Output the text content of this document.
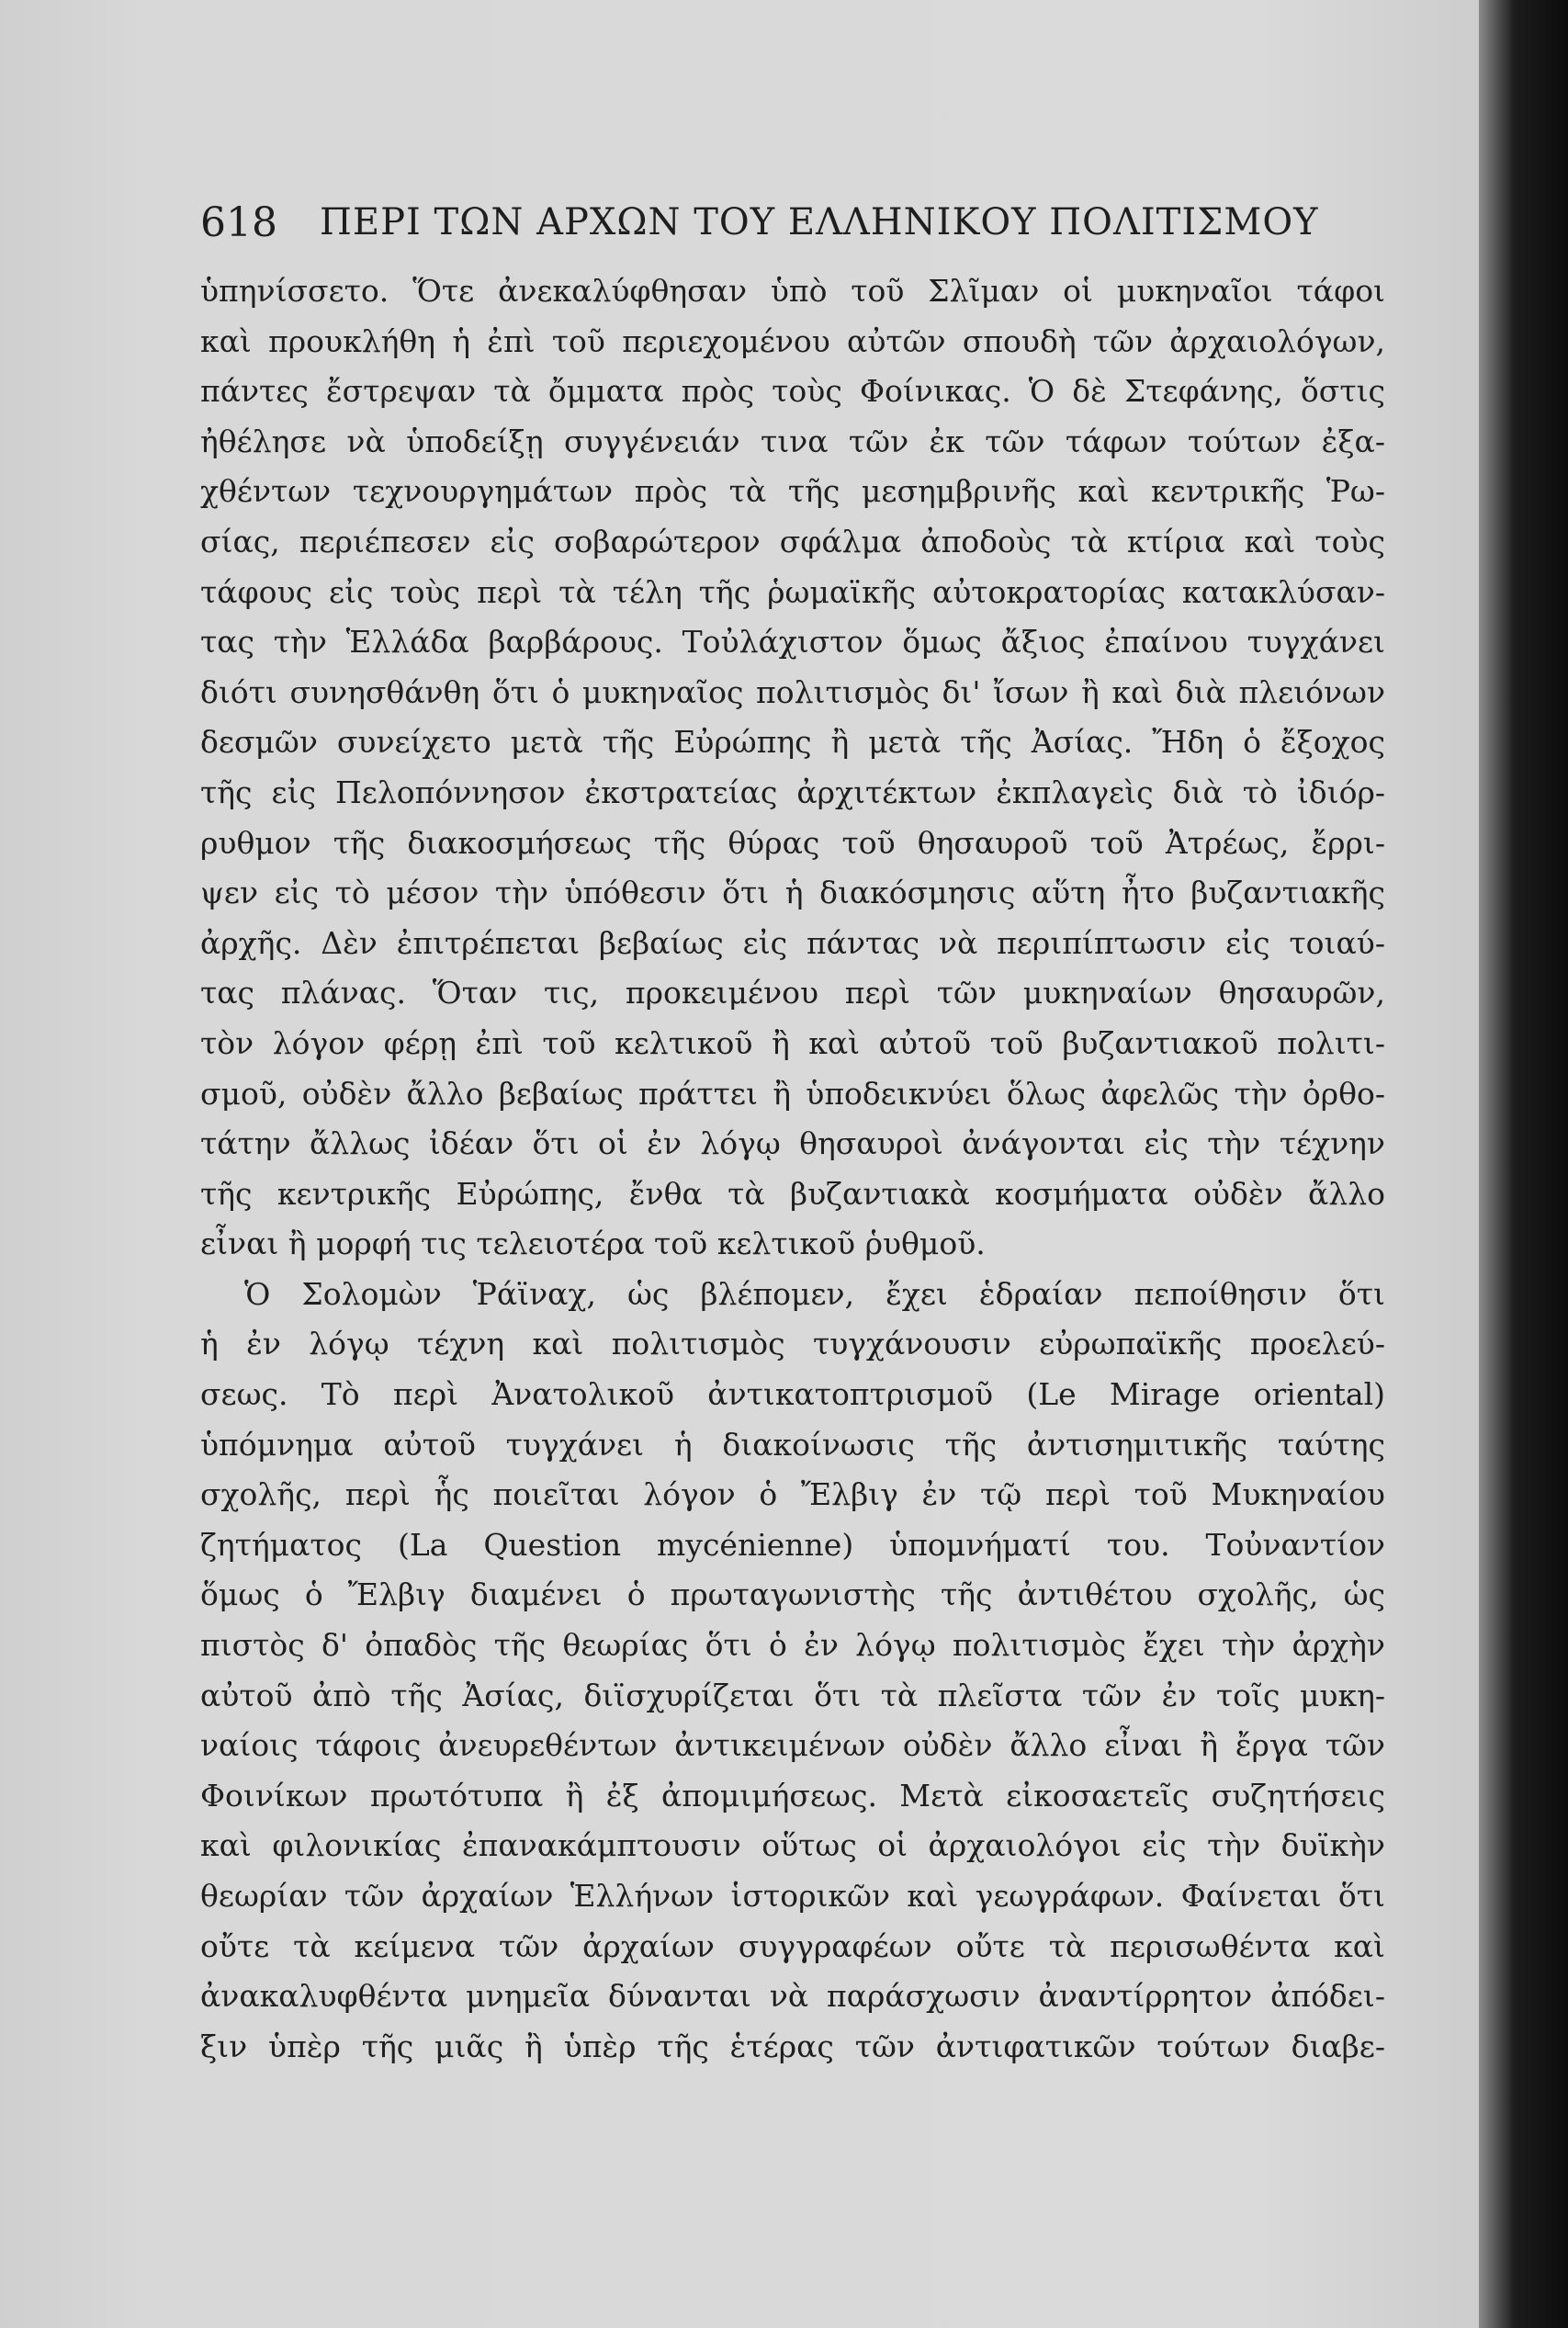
618	ΠΕΡΙ ΤΩΝ ΑΡΧΩΝ ΤΟΥ ΕΛΛΗΝΙΚΟΥ ΠΟΛΙΤΙΣΜΟΥ
ὑπηνίσσετο. Ὅτε ἀνεκαλύφθησαν ὑπὸ τοῦ Σλῖμαν οἱ μυκηναῖοι τάφοι
καὶ προυκλήθη ἡ ἐπὶ τοῦ περιεχομένου αὐτῶν σπουδὴ τῶν ἀρχαιολόγων,
πάντες ἔστρεψαν τὰ ὄμματα πρὸς τοὺς Φοίνικας. Ὁ δὲ Στεφάνης, ὅστις
ἠθέλησε νὰ ὑποδείξῃ συγγένειάν τινα τῶν ἐκ τῶν τάφων τούτων ἐξα-
χθέντων τεχνουργημάτων πρὸς τὰ τῆς μεσημβρινῆς καὶ κεντρικῆς Ῥω-
σίας, περιέπεσεν εἰς σοβαρώτερον σφάλμα ἀποδοὺς τὰ κτίρια καὶ τοὺς
τάφους εἰς τοὺς περὶ τὰ τέλη τῆς ῥωμαϊκῆς αὐτοκρατορίας κατακλύσαν-
τας τὴν Ἑλλάδα βαρβάρους. Τοὐλάχιστον ὅμως ἄξιος ἐπαίνου τυγχάνει
διότι συνησθάνθη ὅτι ὁ μυκηναῖος πολιτισμὸς δι' ἴσων ἢ καὶ διὰ πλειόνων
δεσμῶν συνείχετο μετὰ τῆς Εὐρώπης ἢ μετὰ τῆς Ἀσίας. Ἤδη ὁ ἔξοχος
τῆς εἰς Πελοπόννησον ἐκστρατείας ἀρχιτέκτων ἐκπλαγεὶς διὰ τὸ ἰδιόρ-
ρυθμον τῆς διακοσμήσεως τῆς θύρας τοῦ θησαυροῦ τοῦ Ἀτρέως, ἔρρι-
ψεν εἰς τὸ μέσον τὴν ὑπόθεσιν ὅτι ἡ διακόσμησις αὕτη ἦτο βυζαντιακῆς
ἀρχῆς. Δὲν ἐπιτρέπεται βεβαίως εἰς πάντας νὰ περιπίπτωσιν εἰς τοιαύ-
τας πλάνας. Ὅταν τις, προκειμένου περὶ τῶν μυκηναίων θησαυρῶν,
τὸν λόγον φέρῃ ἐπὶ τοῦ κελτικοῦ ἢ καὶ αὐτοῦ τοῦ βυζαντιακοῦ πολιτι-
σμοῦ, οὐδὲν ἄλλο βεβαίως πράττει ἢ ὑποδεικνύει ὅλως ἀφελῶς τὴν ὀρθο-
τάτην ἄλλως ἰδέαν ὅτι οἱ ἐν λόγῳ θησαυροὶ ἀνάγονται εἰς τὴν τέχνην
τῆς κεντρικῆς Εὐρώπης, ἔνθα τὰ βυζαντιακὰ κοσμήματα οὐδὲν ἄλλο
εἶναι ἢ μορφή τις τελειοτέρα τοῦ κελτικοῦ ῥυθμοῦ.
Ὁ Σολομὼν Ῥάϊναχ, ὡς βλέπομεν, ἔχει ἑδραίαν πεποίθησιν ὅτι
ἡ ἐν λόγῳ τέχνη καὶ πολιτισμὸς τυγχάνουσιν εὐρωπαϊκῆς προελεύ-
σεως. Τὸ περὶ Ἀνατολικοῦ ἀντικατοπτρισμοῦ (Le Mirage oriental)
ὑπόμνημα αὐτοῦ τυγχάνει ἡ διακοίνωσις τῆς ἀντισημιτικῆς ταύτης
σχολῆς, περὶ ἧς ποιεῖται λόγον ὁ Ἔλβιγ ἐν τῷ περὶ τοῦ Μυκηναίου
ζητήματος (La Question mycénienne) ὑπομνήματί του. Τοὐναντίον
ὅμως ὁ Ἔλβιγ διαμένει ὁ πρωταγωνιστὴς τῆς ἀντιθέτου σχολῆς, ὡς
πιστὸς δ' ὀπαδὸς τῆς θεωρίας ὅτι ὁ ἐν λόγῳ πολιτισμὸς ἔχει τὴν ἀρχὴν
αὐτοῦ ἀπὸ τῆς Ἀσίας, διϊσχυρίζεται ὅτι τὰ πλεῖστα τῶν ἐν τοῖς μυκη-
ναίοις τάφοις ἀνευρεθέντων ἀντικειμένων οὐδὲν ἄλλο εἶναι ἢ ἔργα τῶν
Φοινίκων πρωτότυπα ἢ ἐξ ἀπομιμήσεως. Μετὰ εἰκοσαετεῖς συζητήσεις
καὶ φιλονικίας ἐπανακάμπτουσιν οὕτως οἱ ἀρχαιολόγοι εἰς τὴν δυϊκὴν
θεωρίαν τῶν ἀρχαίων Ἑλλήνων ἱστορικῶν καὶ γεωγράφων. Φαίνεται ὅτι
οὔτε τὰ κείμενα τῶν ἀρχαίων συγγραφέων οὔτε τὰ περισωθέντα καὶ
ἀνακαλυφθέντα μνημεῖα δύνανται νὰ παράσχωσιν ἀναντίρρητον ἀπόδει-
ξιν ὑπὲρ τῆς μιᾶς ἢ ὑπὲρ τῆς ἑτέρας τῶν ἀντιφατικῶν τούτων διαβε-
